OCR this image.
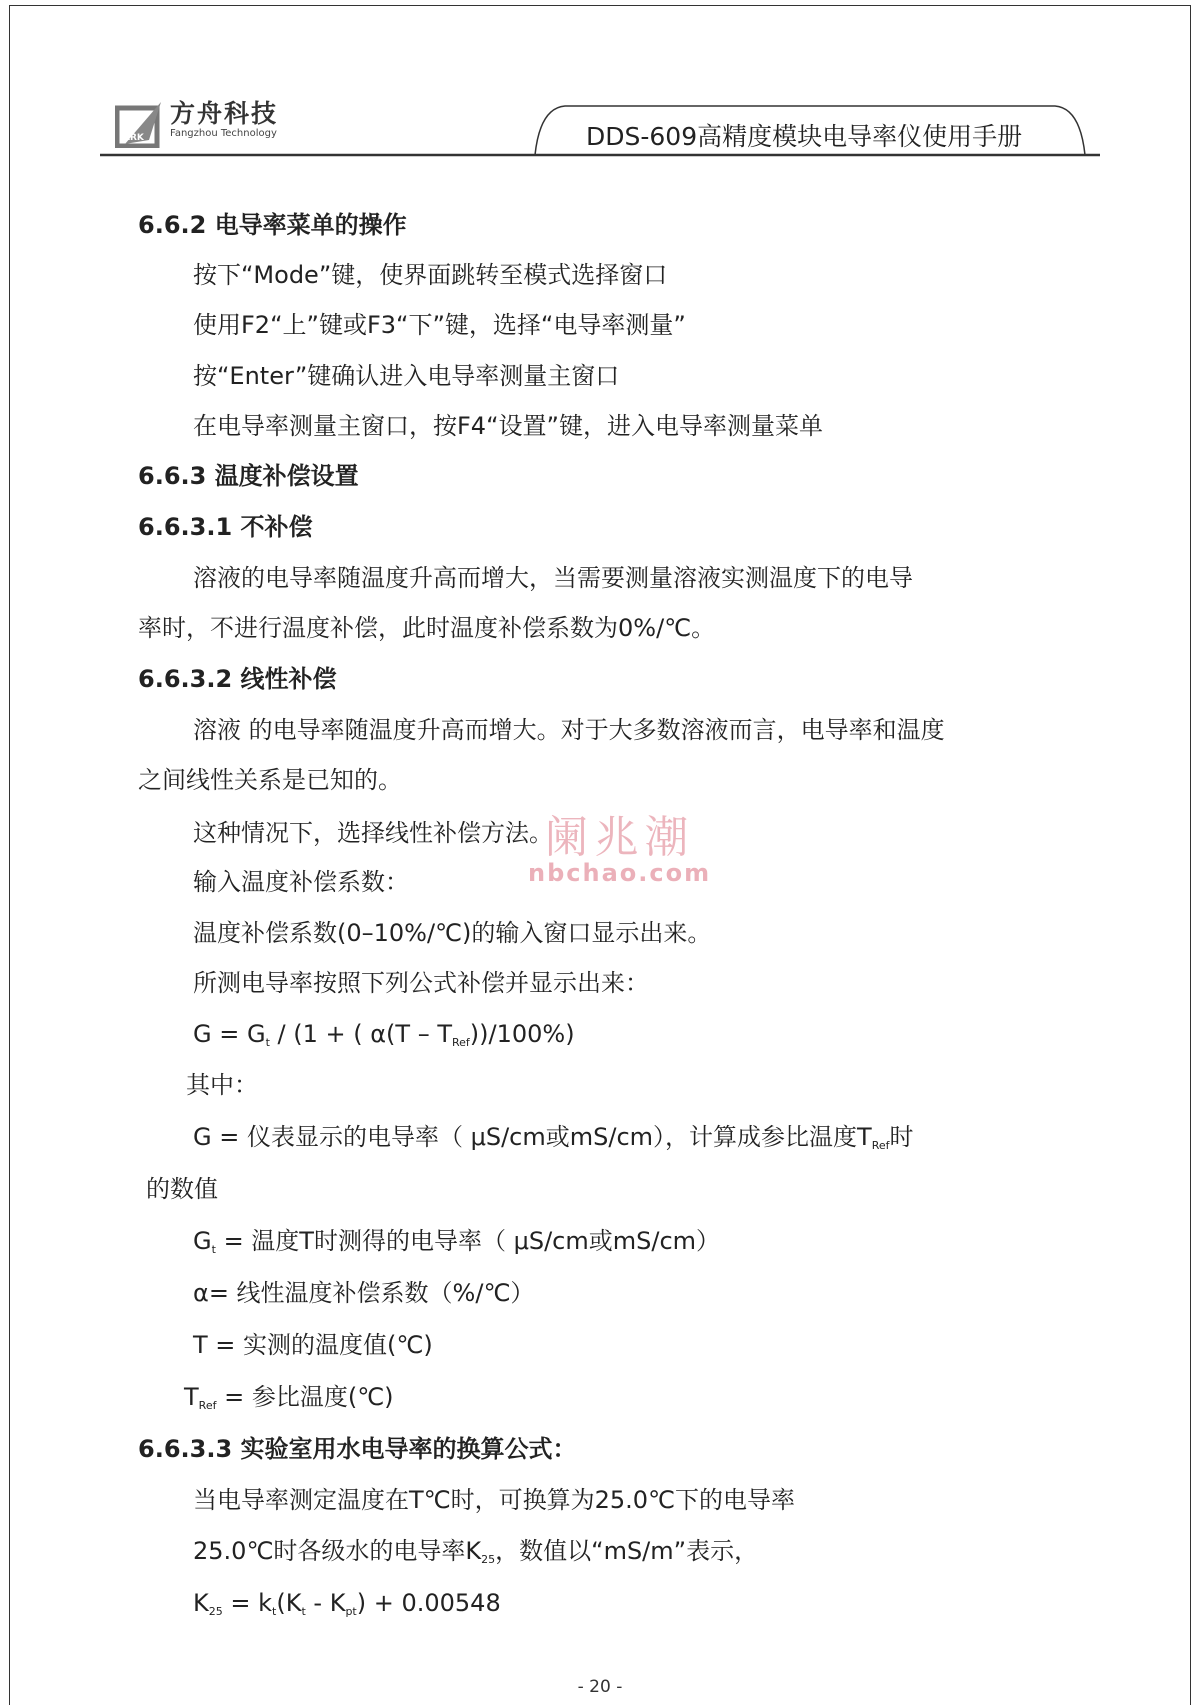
ARK
方舟科技
Fangzhou Technology	DDS-609高精度模块电导率仪使用手册
6.6.2 电导率菜单的操作
按下“Mode”键，使界面跳转至模式选择窗口
使用F2“上”键或F3“下”键，选择“电导率测量”
按“Enter”键确认进入电导率测量主窗口
在电导率测量主窗口，按F4“设置”键，进入电导率测量菜单
6.6.3 温度补偿设置
6.6.3.1 不补偿
溶液的电导率随温度升高而增大，当需要测量溶液实测温度下的电导
率时，不进行温度补偿，此时温度补偿系数为0%/℃。
6.6.3.2 线性补偿
溶液 的电导率随温度升高而增大。对于大多数溶液而言，电导率和温度
之间线性关系是已知的。
这种情况下，选择线性补偿方法。
输入温度补偿系数：
温度补偿系数(0–10%/℃)的输入窗口显示出来。
所测电导率按照下列公式补偿并显示出来：
$G = G_t / (1$ + ( $\alpha(T - T_{Ref}))/100\%$)
其中：
G = 仪表显示的电导率（ μS/cm或mS/cm），计算成参比温度$T_{Ref}$时
的数值
$G_t$ = 温度T时测得的电导率（ μS/cm或mS/cm）
α= 线性温度补偿系数（%/℃）
T = 实测的温度值(℃)
$T_{Ref}$ = 参比温度(℃)
6.6.3.3 实验室用水电导率的换算公式：
当电导率测定温度在T℃时，可换算为25.0℃下的电导率
25.0℃时各级水的电导率$K_{25}$，数值以“mS/m”表示，
$K_{25} = k_t(K_t - K_{pt}) + 0.00548$
阑兆潮
nbchao.com
- 20 -
